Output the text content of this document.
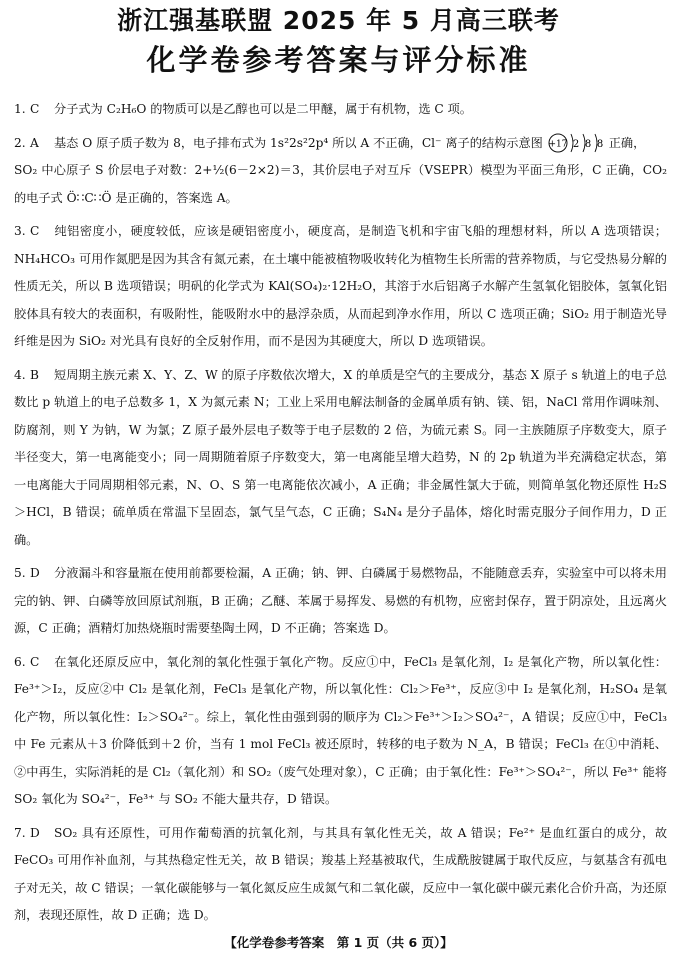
浙江强基联盟 2025 年 5 月高三联考
化学卷参考答案与评分标准
1. C 分子式为 C₂H₆O 的物质可以是乙醇也可以是二甲醚，属于有机物，选 C 项。
2. A 基态 O 原子质子数为 8，电子排布式为 1s²2s²2p⁴ 所以 A 不正确，Cl⁻ 离子的结构示意图 +17 2 8 8 正确，
SO₂ 中心原子 S 价层电子对数：2+½(6－2×2)＝3，其价层电子对互斥（VSEPR）模型为平面三角形，C 正确，CO₂ 的电子式 Ö∷C∷Ö 是正确的，答案选 A。
3. C 纯铝密度小，硬度较低，应该是硬铝密度小，硬度高，是制造飞机和宇宙飞船的理想材料，所以 A 选项错误；NH₄HCO₃ 可用作氮肥是因为其含有氮元素，在土壤中能被植物吸收转化为植物生长所需的营养物质，与它受热易分解的性质无关，所以 B 选项错误；明矾的化学式为 KAl(SO₄)₂·12H₂O，其溶于水后铝离子水解产生氢氧化铝胶体，氢氧化铝胶体具有较大的表面积，有吸附性，能吸附水中的悬浮杂质，从而起到净水作用，所以 C 选项正确；SiO₂ 用于制造光导纤维是因为 SiO₂ 对光具有良好的全反射作用，而不是因为其硬度大，所以 D 选项错误。
4. B 短周期主族元素 X、Y、Z、W 的原子序数依次增大，X 的单质是空气的主要成分，基态 X 原子 s 轨道上的电子总数比 p 轨道上的电子总数多 1，X 为氮元素 N；工业上采用电解法制备的金属单质有钠、镁、铝，NaCl 常用作调味剂、防腐剂，则 Y 为钠，W 为氯；Z 原子最外层电子数等于电子层数的 2 倍，为硫元素 S。同一主族随原子序数变大，原子半径变大，第一电离能变小；同一周期随着原子序数变大，第一电离能呈增大趋势，N 的 2p 轨道为半充满稳定状态，第一电离能大于同周期相邻元素，N、O、S 第一电离能依次减小，A 正确；非金属性氯大于硫，则简单氢化物还原性 H₂S＞HCl，B 错误；硫单质在常温下呈固态，氯气呈气态，C 正确；S₄N₄ 是分子晶体，熔化时需克服分子间作用力，D 正确。
5. D 分液漏斗和容量瓶在使用前都要检漏，A 正确；钠、钾、白磷属于易燃物品，不能随意丢弃，实验室中可以将未用完的钠、钾、白磷等放回原试剂瓶，B 正确；乙醚、苯属于易挥发、易燃的有机物，应密封保存，置于阴凉处，且远离火源，C 正确；酒精灯加热烧瓶时需要垫陶土网，D 不正确；答案选 D。
6. C 在氧化还原反应中，氧化剂的氧化性强于氧化产物。反应①中，FeCl₃ 是氧化剂，I₂ 是氧化产物，所以氧化性：Fe³⁺＞I₂，反应②中 Cl₂ 是氧化剂，FeCl₃ 是氧化产物，所以氧化性：Cl₂＞Fe³⁺，反应③中 I₂ 是氧化剂，H₂SO₄ 是氧化产物，所以氧化性：I₂＞SO₄²⁻。综上，氧化性由强到弱的顺序为 Cl₂＞Fe³⁺＞I₂＞SO₄²⁻，A 错误；反应①中，FeCl₃ 中 Fe 元素从＋3 价降低到＋2 价，当有 1 mol FeCl₃ 被还原时，转移的电子数为 N_A，B 错误；FeCl₃ 在①中消耗、②中再生，实际消耗的是 Cl₂（氧化剂）和 SO₂（废气处理对象），C 正确；由于氧化性：Fe³⁺＞SO₄²⁻，所以 Fe³⁺ 能将 SO₂ 氧化为 SO₄²⁻，Fe³⁺ 与 SO₂ 不能大量共存，D 错误。
7. D SO₂ 具有还原性，可用作葡萄酒的抗氧化剂，与其具有氧化性无关，故 A 错误；Fe²⁺ 是血红蛋白的成分，故 FeCO₃ 可用作补血剂，与其热稳定性无关，故 B 错误；羧基上羟基被取代，生成酰胺键属于取代反应，与氨基含有孤电子对无关，故 C 错误；一氧化碳能够与一氧化氮反应生成氮气和二氧化碳，反应中一氧化碳中碳元素化合价升高，为还原剂，表现还原性，故 D 正确；选 D。
【化学卷参考答案　第 1 页（共 6 页）】
